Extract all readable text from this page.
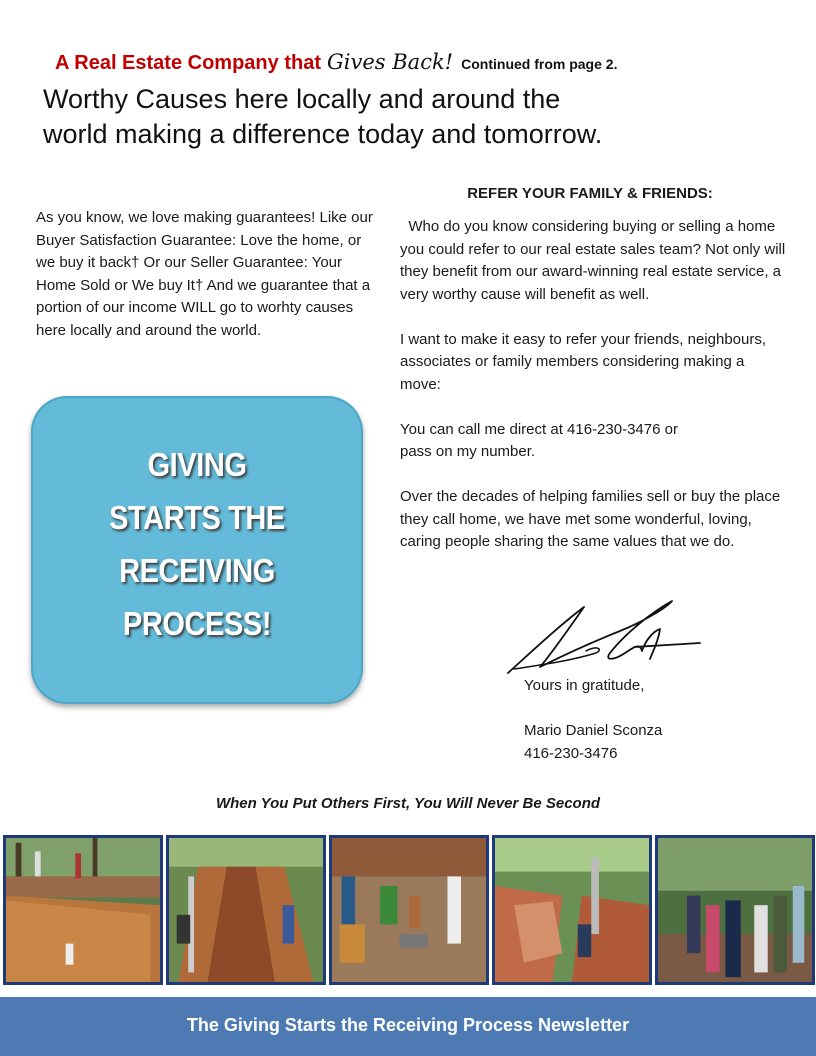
A Real Estate Company that Gives Back! Continued from page 2.
Worthy Causes here locally and around the
world making a difference today and tomorrow.
As you know, we love making guarantees! Like our Buyer Satisfaction Guarantee: Love the home, or we buy it back† Or our Seller Guarantee: Your Home Sold or We buy It† And we guarantee that a portion of our income WILL go to worhty causes here locally and around the world.
GIVING
STARTS THE
RECEIVING
PROCESS!
REFER YOUR FAMILY & FRIENDS:

Who do you know considering buying or selling a home you could refer to our real estate sales team? Not only will they benefit from our award-winning real estate service, a very worthy cause will benefit as well.

I want to make it easy to refer your friends, neighbours, associates or family members considering making a move:

You can call me direct at 416-230-3476 or
pass on my number.

Over the decades of helping families sell or buy the place they call home, we have met some wonderful, loving, caring people sharing the same values that we do.

Yours in gratitude,
Mario Daniel Sconza
416-230-3476
When You Put Others First, You Will Never Be Second
The Giving Starts the Receiving Process Newsletter
